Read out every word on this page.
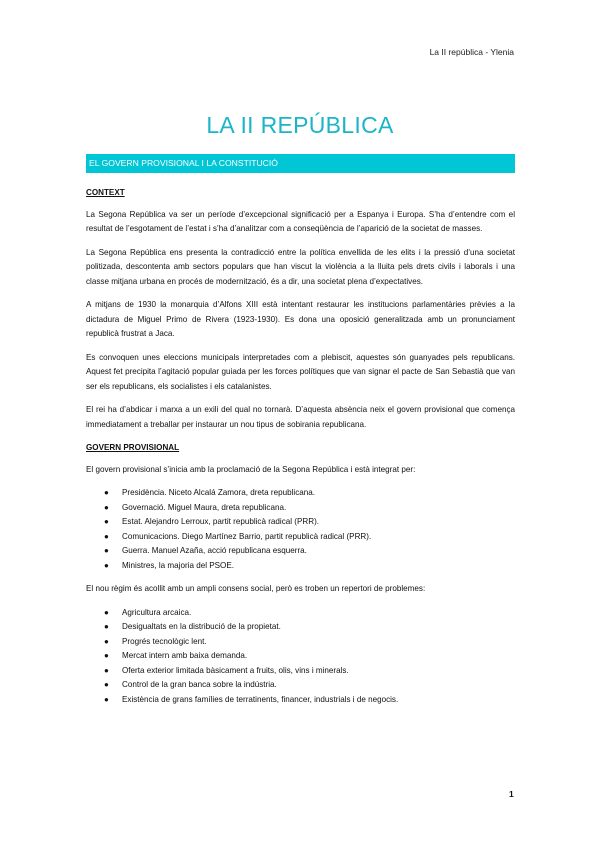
La II república - Ylenia
LA II REPÚBLICA
EL GOVERN PROVISIONAL I LA CONSTITUCIÓ

CONTEXT

La Segona República va ser un període d’excepcional significació per a Espanya i Europa. S’ha d’entendre com el resultat de l’esgotament de l’estat i s’ha d’analitzar com a conseqüència de l’aparició de la societat de masses.

La Segona República ens presenta la contradicció entre la política envellida de les elits i la pressió d’una societat politizada, descontenta amb sectors populars que han viscut la violència a la lluita pels drets civils i laborals i una classe mitjana urbana en procés de modernització, és a dir, una societat plena d’expectatives.

A mitjans de 1930 la monarquia d’Alfons XIII està intentant restaurar les institucions parlamentàries prèvies a la dictadura de Miguel Primo de Rivera (1923-1930). Es dona una oposició generalitzada amb un pronunciament republicà frustrat a Jaca.

Es convoquen unes eleccions municipals interpretades com a plebiscit, aquestes són guanyades pels republicans. Aquest fet precipita l’agitació popular guiada per les forces polítiques que van signar el pacte de San Sebastià que van ser els republicans, els socialistes i els catalanistes.

El rei ha d’abdicar i marxa a un exili del qual no tornarà. D’aquesta absència neix el govern provisional que comença immediatament a treballar per instaurar un nou tipus de sobirania republicana.

GOVERN PROVISIONAL

El govern provisional s’inicia amb la proclamació de la Segona República i està integrat per:

● Presidència. Niceto Alcalá Zamora, dreta republicana.
● Governació. Miguel Maura, dreta republicana.
● Estat. Alejandro Lerroux, partit republicà radical (PRR).
● Comunicacions. Diego Martínez Barrio, partit republicà radical (PRR).
● Guerra. Manuel Azaña, acció republicana esquerra.
● Ministres, la majoria del PSOE.

El nou règim és acollit amb un ampli consens social, però es troben un repertori de problemes:

● Agricultura arcaica.
● Desigualtats en la distribució de la propietat.
● Progrés tecnològic lent.
● Mercat intern amb baixa demanda.
● Oferta exterior limitada bàsicament a fruits, olis, vins i minerals.
● Control de la gran banca sobre la indústria.
● Existència de grans famílies de terratinents, financer, industrials i de negocis.
1
